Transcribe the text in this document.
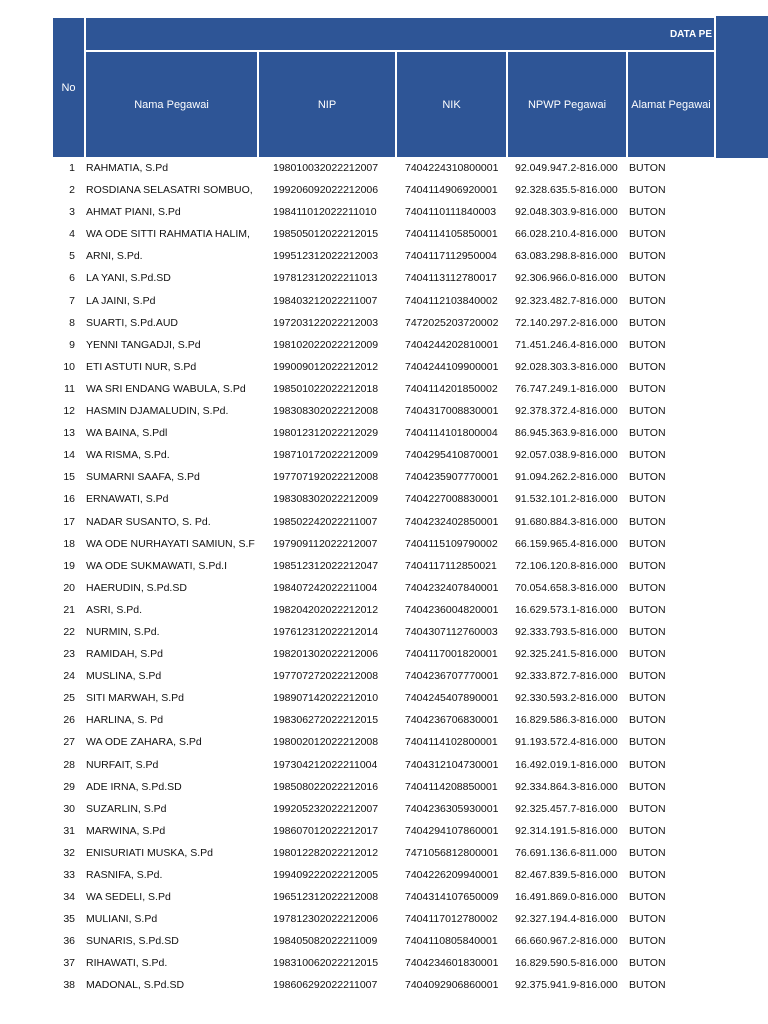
No
DATA PE
Nama Pegawai	NIP	NIK	NPWP Pegawai	Alamat Pegawai
1 RAHMATIA, S.Pd	198010032022212007	7404224310800001	92.049.947.2-816.000	BUTON
2 ROSDIANA SELASATRI SOMBUO,	199206092022212006	7404114906920001	92.328.635.5-816.000	BUTON
3 AHMAT PIANI, S.Pd	198411012022211010	7404110111840003	92.048.303.9-816.000	BUTON
4 WA ODE SITTI RAHMATIA HALIM,	198505012022212015	7404114105850001	66.028.210.4-816.000	BUTON
5 ARNI, S.Pd.	199512312022212003	7404117112950004	63.083.298.8-816.000	BUTON
6 LA YANI, S.Pd.SD	197812312022211013	7404113112780017	92.306.966.0-816.000	BUTON
7 LA JAINI, S.Pd	198403212022211007	7404112103840002	92.323.482.7-816.000	BUTON
8 SUARTI, S.Pd.AUD	197203122022212003	7472025203720002	72.140.297.2-816.000	BUTON
9 YENNI TANGADJI, S.Pd	198102022022212009	7404244202810001	71.451.246.4-816.000	BUTON
10 ETI ASTUTI NUR, S.Pd	199009012022212012	7404244109900001	92.028.303.3-816.000	BUTON
11 WA SRI ENDANG WABULA, S.Pd	198501022022212018	7404114201850002	76.747.249.1-816.000	BUTON
12 HASMIN DJAMALUDIN, S.Pd.	198308302022212008	7404317008830001	92.378.372.4-816.000	BUTON
13 WA BAINA, S.Pdl	198012312022212029	7404114101800004	86.945.363.9-816.000	BUTON
14 WA RISMA, S.Pd.	198710172022212009	7404295410870001	92.057.038.9-816.000	BUTON
15 SUMARNI SAAFA, S.Pd	197707192022212008	7404235907770001	91.094.262.2-816.000	BUTON
16 ERNAWATI, S.Pd	198308302022212009	7404227008830001	91.532.101.2-816.000	BUTON
17 NADAR SUSANTO, S. Pd.	198502242022211007	7404232402850001	91.680.884.3-816.000	BUTON
18 WA ODE NURHAYATI SAMIUN, S.F	197909112022212007	7404115109790002	66.159.965.4-816.000	BUTON
19 WA ODE SUKMAWATI, S.Pd.I	198512312022212047	7404117112850021	72.106.120.8-816.000	BUTON
20 HAERUDIN, S.Pd.SD	198407242022211004	7404232407840001	70.054.658.3-816.000	BUTON
21 ASRI, S.Pd.	198204202022212012	7404236004820001	16.629.573.1-816.000	BUTON
22 NURMIN, S.Pd.	197612312022212014	7404307112760003	92.333.793.5-816.000	BUTON
23 RAMIDAH, S.Pd	198201302022212006	7404117001820001	92.325.241.5-816.000	BUTON
24 MUSLINA, S.Pd	197707272022212008	7404236707770001	92.333.872.7-816.000	BUTON
25 SITI MARWAH, S.Pd	198907142022212010	7404245407890001	92.330.593.2-816.000	BUTON
26 HARLINA, S. Pd	198306272022212015	7404236706830001	16.829.586.3-816.000	BUTON
27 WA ODE ZAHARA, S.Pd	198002012022212008	7404114102800001	91.193.572.4-816.000	BUTON
28 NURFAIT, S.Pd	197304212022211004	7404312104730001	16.492.019.1-816.000	BUTON
29 ADE IRNA, S.Pd.SD	198508022022212016	7404114208850001	92.334.864.3-816.000	BUTON
30 SUZARLIN, S.Pd	199205232022212007	7404236305930001	92.325.457.7-816.000	BUTON
31 MARWINA, S.Pd	198607012022212017	7404294107860001	92.314.191.5-816.000	BUTON
32 ENISURIATI MUSKA, S.Pd	198012282022212012	7471056812800001	76.691.136.6-811.000	BUTON
33 RASNIFA, S.Pd.	199409222022212005	7404226209940001	82.467.839.5-816.000	BUTON
34 WA SEDELI, S.Pd	196512312022212008	7404314107650009	16.491.869.0-816.000	BUTON
35 MULIANI, S.Pd	197812302022212006	7404117012780002	92.327.194.4-816.000	BUTON
36 SUNARIS, S.Pd.SD	198405082022211009	7404110805840001	66.660.967.2-816.000	BUTON
37 RIHAWATI, S.Pd.	198310062022212015	7404234601830001	16.829.590.5-816.000	BUTON
38 MADONAL, S.Pd.SD	198606292022211007	7404092906860001	92.375.941.9-816.000	BUTON
